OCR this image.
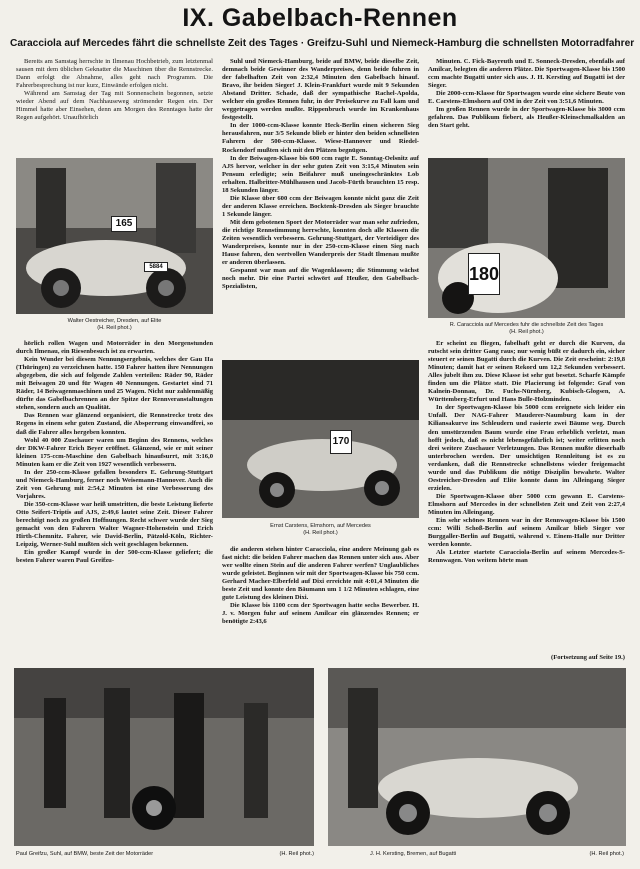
IX. Gabelbach-Rennen
Caracciola auf Mercedes fährt die schnellste Zeit des Tages · Greifzu-Suhl und Niemeck-Hamburg die schnellsten Motorradfahrer

Bereits am Samstag herrschte in Ilmenau Hochbetrieb, zum letztenmal sausen mit dem üblichen Geknatter die Maschinen über die Rennstrecke. Dann erfolgt die Abnahme, alles geht nach Programm. Die Fahrerbesprechung ist nur kurz, Einwände erfolgen nicht.

Während am Samstag der Tag mit Sonnenschein begonnen, setzte wieder Abend auf dem Nachhauseweg strömender Regen ein. Der Himmel hatte aber Einsehen, denn am Morgen des Renntages hatte der Regen aufgehört. Unaufhörlich

165
5884
Walter Oestreicher, Dresden, auf Elite
(H. Reil phot.)

hörlich rollen Wagen und Motorräder in den Morgenstunden durch Ilmenau, ein Riesenbesuch ist zu erwarten.

Kein Wunder bei diesem Nennungsergebnis, welches der Gau IIa (Thüringen) zu verzeichnen hatte. 150 Fahrer hatten ihre Nennungen abgegeben, die sich auf folgende Zahlen verteilen: Räder 90, Räder mit Beiwagen 20 und für Wagen 40 Nennungen. Gestartet sind 71 Räder, 14 Beiwagenmaschinen und 25 Wagen. Nicht nur zahlenmäßig dürfte das Gabelbachrennen an der Spitze der Rennveranstaltungen stehen, sondern auch an Qualität.

Das Rennen war glänzend organisiert, die Rennstrecke trotz des Regens in einem sehr guten Zustand, die Absperrung einwandfrei, so daß die Fahrer alles hergeben konnten.

Wohl 40 000 Zuschauer waren um Beginn des Rennens, welches der DKW-Fahrer Erich Beyer eröffnet. Glänzend, wie er mit seiner kleinen 175-ccm-Maschine den Gabelbach hinaufsurrt, mit 3:16,0 Minuten kam er die Zeit von 1927 wesentlich verbessern.

In der 250-ccm-Klasse gefallen besonders E. Gehrung-Stuttgart und Niemeck-Hamburg, ferner noch Weisemann-Hannover. Auch die Zeit von Gehrung mit 2:54,2 Minuten ist eine Verbesserung des Vorjahres.

Die 350-ccm-Klasse war heiß umstritten, die beste Leistung lieferte Otto Seifert-Triptis auf AJS, 2:49,6 lautet seine Zeit. Dieser Fahrer berechtigt noch zu großen Hoffnungen. Recht schwer wurde der Sieg gemacht von den Fahrern Walter Wagner-Hohenstein und Erich Hirth-Chemnitz. Fahrer, wie David-Berlin, Pätzold-Köln, Richter-Leipzig, Werner-Suhl mußten sich weit geschlagen bekennen.

Ein großer Kampf wurde in der 500-ccm-Klasse geliefert; die besten Fahrer waren Paul Greifzu-

Suhl und Niemeck-Hamburg, beide auf BMW, beide dieselbe Zeit, demnach beide Gewinner des Wanderpreises, denn beide fuhren in der fabelhaften Zeit von 2:32,4 Minuten den Gabelbach hinauf. Bravo, ihr beiden Sieger! J. Klein-Frankfurt wurde mit 9 Sekunden Abstand Dritter. Schade, daß der sympathische Rachel-Apolda, welcher ein großes Rennen fuhr, in der Preisekurve zu Fall kam und weggetragen werden mußte. Rippenbruch wurde im Krankenhaus festgestellt.

In der 1000-ccm-Klasse konnte Heck-Berlin einen sicheren Sieg herausfahren, nur 3/5 Sekunde blieb er hinter den beiden schnellsten Fahrern der 500-ccm-Klasse. Wiese-Hannover und Riedel-Rockendorf mußten sich mit den Plätzen begnügen.

In der Beiwagen-Klasse bis 600 ccm ragte E. Sonntag-Oelsnitz auf AJS hervor, welcher in der sehr guten Zeit von 3:15,4 Minuten sein Pensum erledigte; sein Beifahrer muß uneingeschränktes Lob erhalten. Halbritter-Mühlhausen und Jacob-Fürth brauchten 15 resp. 18 Sekunden länger.

Die Klasse über 600 ccm der Beiwagen konnte nicht ganz die Zeit der anderen Klasse erreichen. Bocktenk-Dresden als Sieger brauchte 1 Sekunde länger.

Mit dem gebotenen Sport der Motorräder war man sehr zufrieden, die richtige Rennstimmung herrschte, konnten doch alle Klassen die Zeiten wesentlich verbessern. Gehrung-Stuttgart, der Verteidiger des Wanderpreises, konnte nur in der 250-ccm-Klasse einen Sieg nach Hause fahren, den wertvollen Wanderpreis der Stadt Ilmenau mußte er anderen überlassen.

Gespannt war man auf die Wagenklassen; die Stimmung wächst noch mehr. Die eine Partei schwört auf Heußer, den Gabelbach-Spezialisten,

170
Ernst Carstens, Elmshorn, auf Mercedes
(H. Reil phot.)

die anderen stehen hinter Caracciola, eine andere Meinung gab es fast nicht: die beiden Fahrer machen das Rennen unter sich aus. Aber wer wollte einen Stein auf die anderen Fahrer werfen? Unglaubliches wurde geleistet. Beginnen wir mit der Sportwagen-Klasse bis 750 ccm. Gerhard Macher-Elberfeld auf Dixi erreichte mit 4:01,4 Minuten die beste Zeit und konnte den Bäumann um 1 1/2 Minuten schlagen, eine gute Leistung des kleinen Dixi.

Die Klasse bis 1100 ccm der Sportwagen hatte sechs Bewerber. H. J. v. Morgen fuhr auf seinem Amilcar ein glänzendes Rennen; er benötigte 2:43,6

Minuten. C. Fick-Bayreuth und E. Sonneck-Dresden, ebenfalls auf Amilcar, belegten die anderen Plätze. Die Sportwagen-Klasse bis 1500 ccm machte Bugatti unter sich aus. J. H. Kersting auf Bugatti ist der Sieger.

Die 2000-ccm-Klasse für Sportwagen wurde eine sichere Beute von E. Carstens-Elmshorn auf OM in der Zeit von 3:51,6 Minuten.

Im großen Rennen wurde in der Sportwagen-Klasse bis 3000 ccm gefahren. Das Publikum fiebert, als Heußer-Kleinschmalkalden an den Start geht.

180
R. Caracciola auf Mercedes fuhr die schnellste Zeit des Tages
(H. Reil phot.)

Er scheint zu fliegen, fabelhaft geht er durch die Kurven, da rutscht sein dritter Gang raus; nur wenig büßt er dadurch ein, sicher steuert er seinen Bugatti durch die Kurven. Die Zeit erscheint: 2:19,8 Minuten; damit hat er seinen Rekord um 12,2 Sekunden verbessert. Alles jubelt ihm zu. Diese Klasse ist sehr gut besetzt. Scharfe Kämpfe finden um die Plätze statt. Die Placierung ist folgende: Graf von Kalnein-Donnau, Dr. Fuchs-Nürnberg, Kubisch-Glogsen, A. Württemberg-Erfurt und Hans Bulle-Holzminden.

In der Sportwagen-Klasse bis 5000 ccm ereignete sich leider ein Unfall. Der NAG-Fahrer Mauderer-Naumburg kam in der Kiliansakurve ins Schleudern und rasierte zwei Bäume weg. Durch den umstürzenden Baum wurde eine Frau erheblich verletzt, man hofft jedoch, daß es nicht lebensgefährlich ist; weiter erlitten noch drei weitere Zuschauer Verletzungen. Das Rennen mußte dieserhalb unterbrochen werden. Der umsichtigen Rennleitung ist es zu verdanken, daß die Rennstrecke schnellstens wieder freigemacht wurde und das Publikum die nötige Disziplin bewahrte. Walter Oestreicher-Dresden auf Elite konnte dann im Alleingang Sieger erzielen.

Die Sportwagen-Klasse über 5000 ccm gewann E. Carstens-Elmshorn auf Mercedes in der schnellsten Zeit und Zeit von 2:27,4 Minuten im Alleingang.

Ein sehr schönes Rennen war in der Rennwagen-Klasse bis 1500 ccm: Willi Schoß-Berlin auf seinem Amilcar blieb Sieger vor Burggaller-Berlin auf Bugatti, während v. Einem-Halle nur Dritter werden konnte.

Als Letzter startete Caracciola-Berlin auf seinem Mercedes-S-Rennwagen. Von weitem hörte man

(Fortsetzung auf Seite 19.)
Paul Greifzu, Suhl, auf BMW, beste Zeit der Motorräder	(H. Reil phot.)	J. H. Kersting, Bremen, auf Bugatti	(H. Reil phot.)
